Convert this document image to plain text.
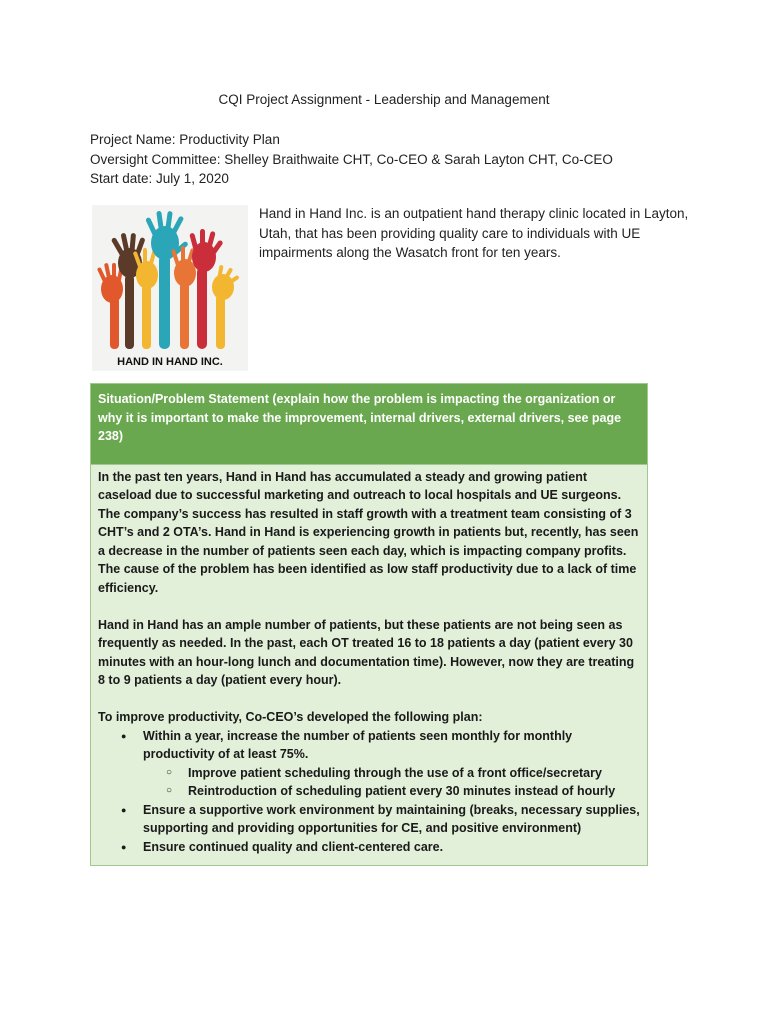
CQI Project Assignment - Leadership and Management
Project Name: Productivity Plan
Oversight Committee: Shelley Braithwaite CHT, Co-CEO & Sarah Layton CHT, Co-CEO
Start date: July 1, 2020
HAND IN HAND INC.
Hand in Hand Inc. is an outpatient hand therapy clinic located in Layton, Utah, that has been providing quality care to individuals with UE impairments along the Wasatch front for ten years.
Situation/Problem Statement (explain how the problem is impacting the organization or why it is important to make the improvement, internal drivers, external drivers, see page 238)

In the past ten years, Hand in Hand has accumulated a steady and growing patient caseload due to successful marketing and outreach to local hospitals and UE surgeons. The company’s success has resulted in staff growth with a treatment team consisting of 3 CHT’s and 2 OTA’s. Hand in Hand is experiencing growth in patients but, recently, has seen a decrease in the number of patients seen each day, which is impacting company profits. The cause of the problem has been identified as low staff productivity due to a lack of time efficiency.

Hand in Hand has an ample number of patients, but these patients are not being seen as frequently as needed. In the past, each OT treated 16 to 18 patients a day (patient every 30 minutes with an hour-long lunch and documentation time). However, now they are treating 8 to 9 patients a day (patient every hour).

To improve productivity, Co-CEO’s developed the following plan:

● Within a year, increase the number of patients seen monthly for monthly productivity of at least 75%.
○ Improve patient scheduling through the use of a front office/secretary
○ Reintroduction of scheduling patient every 30 minutes instead of hourly
● Ensure a supportive work environment by maintaining (breaks, necessary supplies, supporting and providing opportunities for CE, and positive environment)
● Ensure continued quality and client-centered care.
